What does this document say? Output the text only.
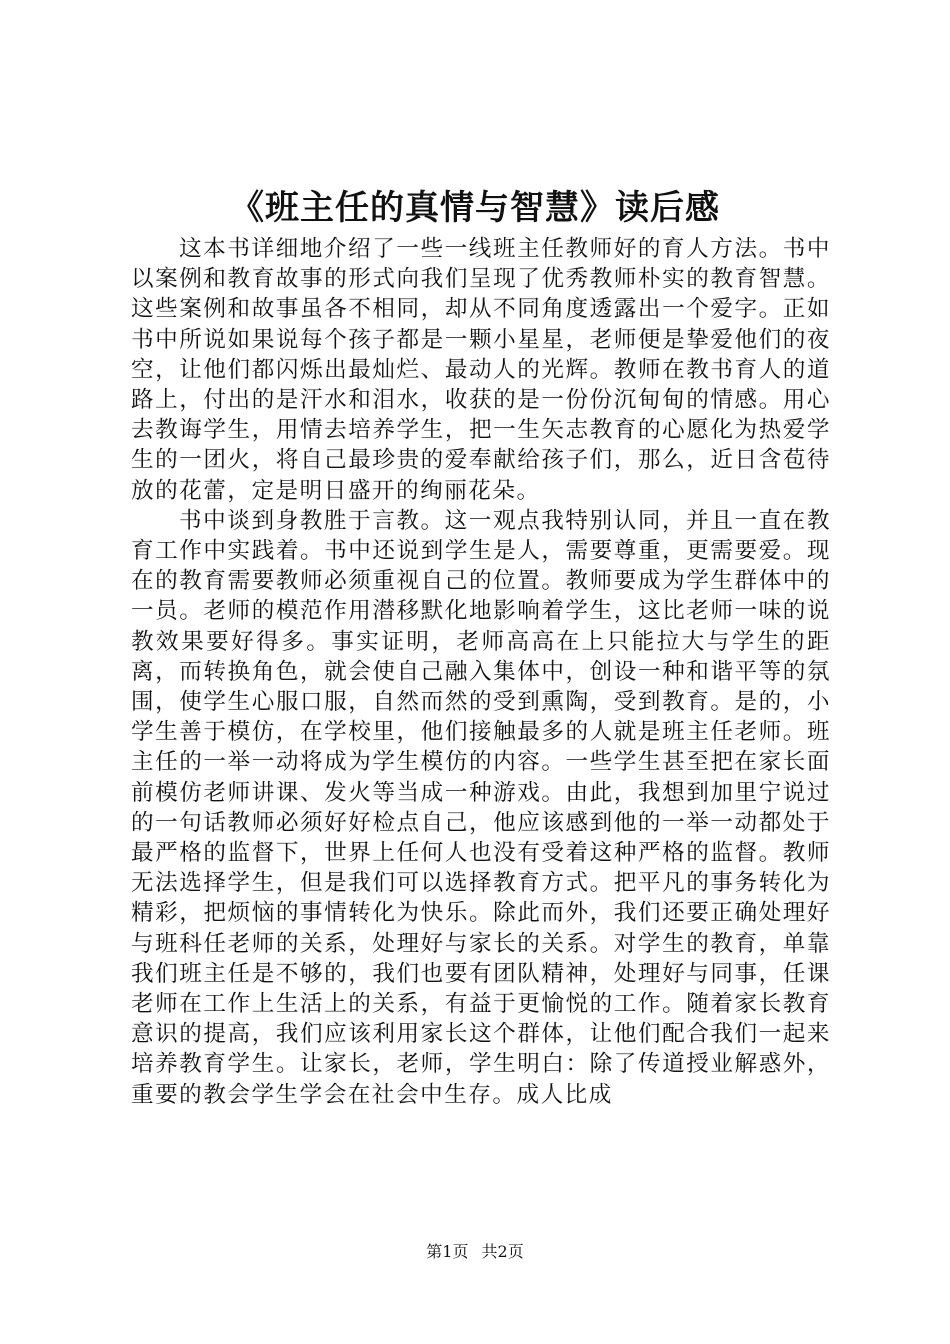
《班主任的真情与智慧》读后感

这本书详细地介绍了一些一线班主任教师好的育人方法。书中以案例和教育故事的形式向我们呈现了优秀教师朴实的教育智慧。这些案例和故事虽各不相同，却从不同角度透露出一个爱字。正如书中所说如果说每个孩子都是一颗小星星，老师便是挚爱他们的夜空，让他们都闪烁出最灿烂、最动人的光辉。教师在教书育人的道路上，付出的是汗水和泪水，收获的是一份份沉甸甸的情感。用心去教诲学生，用情去培养学生，把一生矢志教育的心愿化为热爱学生的一团火，将自己最珍贵的爱奉献给孩子们，那么，近日含苞待放的花蕾，定是明日盛开的绚丽花朵。

书中谈到身教胜于言教。这一观点我特别认同，并且一直在教育工作中实践着。书中还说到学生是人，需要尊重，更需要爱。现在的教育需要教师必须重视自己的位置。教师要成为学生群体中的一员。老师的模范作用潜移默化地影响着学生，这比老师一味的说教效果要好得多。事实证明，老师高高在上只能拉大与学生的距离，而转换角色，就会使自己融入集体中，创设一种和谐平等的氛围，使学生心服口服，自然而然的受到熏陶，受到教育。是的，小学生善于模仿，在学校里，他们接触最多的人就是班主任老师。班主任的一举一动将成为学生模仿的内容。一些学生甚至把在家长面前模仿老师讲课、发火等当成一种游戏。由此，我想到加里宁说过的一句话教师必须好好检点自己，他应该感到他的一举一动都处于最严格的监督下，世界上任何人也没有受着这种严格的监督。教师无法选择学生，但是我们可以选择教育方式。把平凡的事务转化为精彩，把烦恼的事情转化为快乐。除此而外，我们还要正确处理好与班科任老师的关系，处理好与家长的关系。对学生的教育，单靠我们班主任是不够的，我们也要有团队精神，处理好与同事，任课老师在工作上生活上的关系，有益于更愉悦的工作。随着家长教育意识的提高，我们应该利用家长这个群体，让他们配合我们一起来培养教育学生。让家长，老师，学生明白：除了传道授业解惑外，重要的教会学生学会在社会中生存。成人比成

第1页 共2页
